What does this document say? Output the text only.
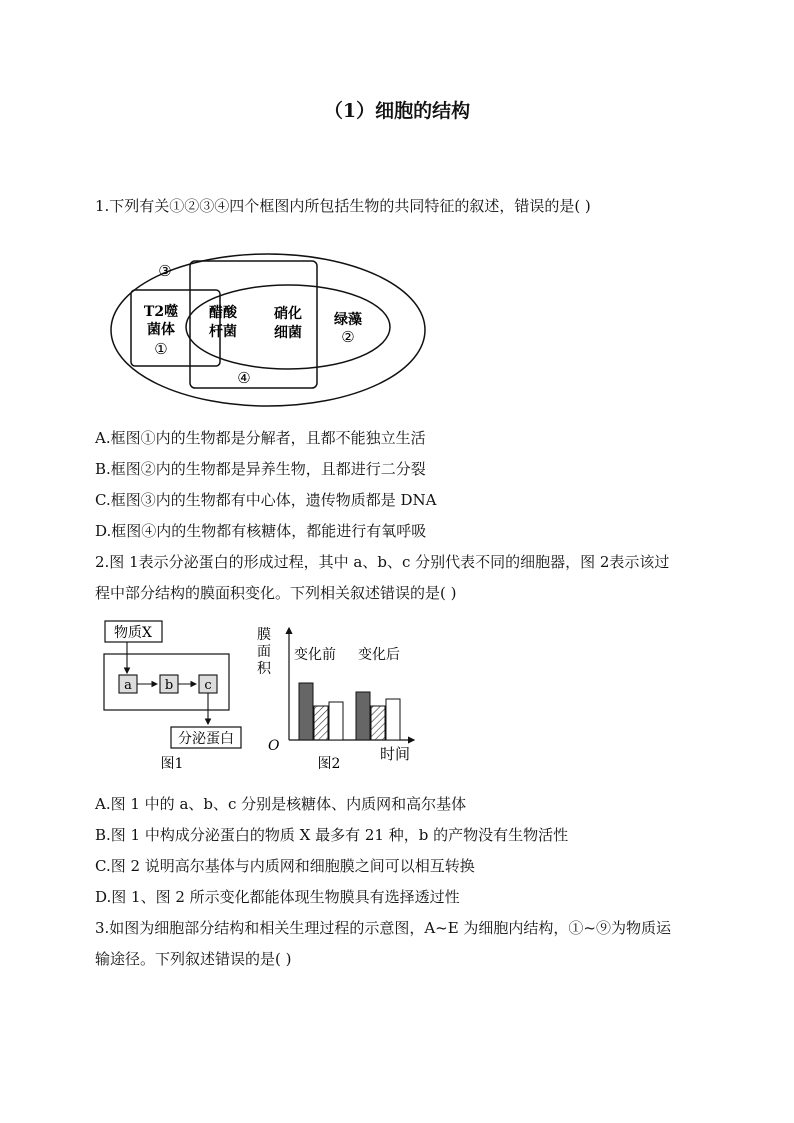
（1）细胞的结构
1.下列有关①②③④四个框图内所包括生物的共同特征的叙述，错误的是( )
③
④
②
①
T2噬
菌体
醋酸
杆菌
硝化
细菌
绿藻
A.框图①内的生物都是分解者，且都不能独立生活
B.框图②内的生物都是异养生物，且都进行二分裂
C.框图③内的生物都有中心体，遗传物质都是 DNA
D.框图④内的生物都有核糖体，都能进行有氧呼吸
2.图 1表示分泌蛋白的形成过程，其中 a、b、c 分别代表不同的细胞器，图 2表示该过
程中部分结构的膜面积变化。下列相关叙述错误的是( )
物质X
a	b c
分泌蛋白
图1
膜
面
积
变化前 变化后
O	时间
图2
A.图 1 中的 a、b、c 分别是核糖体、内质网和高尔基体
B.图 1 中构成分泌蛋白的物质 X 最多有 21 种，b 的产物没有生物活性
C.图 2 说明高尔基体与内质网和细胞膜之间可以相互转换
D.图 1、图 2 所示变化都能体现生物膜具有选择透过性
3.如图为细胞部分结构和相关生理过程的示意图，A~E 为细胞内结构，①~⑨为物质运
输途径。下列叙述错误的是( )
